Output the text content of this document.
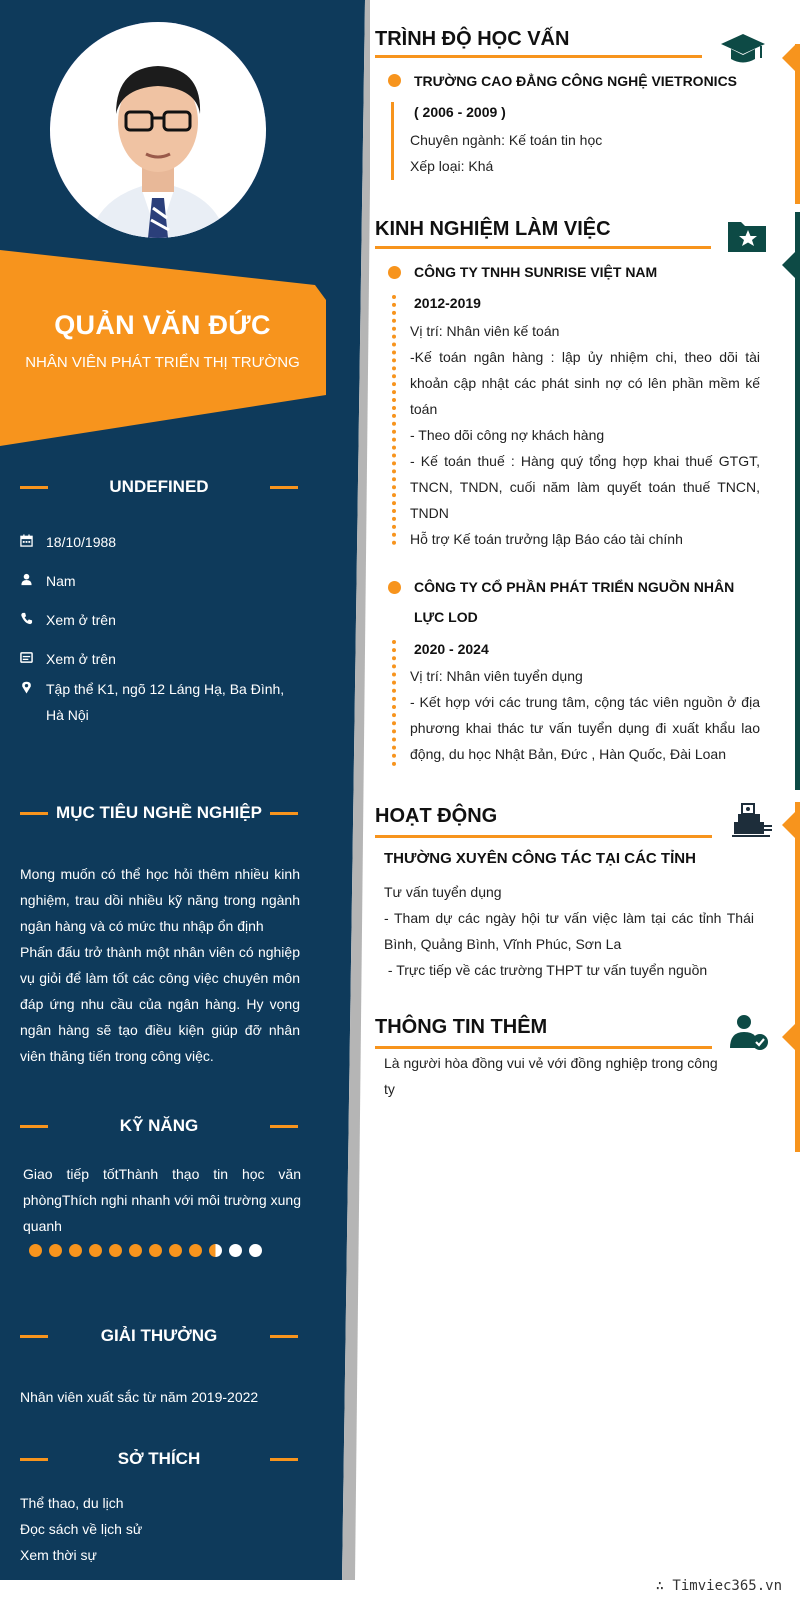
QUẢN VĂN ĐỨC
NHÂN VIÊN PHÁT TRIỂN THỊ TRƯỜNG
UNDEFINED
18/10/1988
Nam
Xem ở trên
Xem ở trên
Tập thể K1, ngõ 12 Láng Hạ, Ba Đình, Hà Nội
MỤC TIÊU NGHỀ NGHIỆP

Mong muốn có thể học hỏi thêm nhiều kinh nghiệm, trau dồi nhiều kỹ năng trong ngành ngân hàng và có mức thu nhập ổn định

Phấn đấu trở thành một nhân viên có nghiệp vụ giỏi để làm tốt các công việc chuyên môn đáp ứng nhu cầu của ngân hàng. Hy vọng ngân hàng sẽ tạo điều kiện giúp đỡ nhân viên thăng tiến trong công việc.

KỸ NĂNG
Giao tiếp tốtThành thạo tin học văn phòngThích nghi nhanh với môi trường xung quanh
GIẢI THƯỞNG
Nhân viên xuất sắc từ năm 2019-2022
SỞ THÍCH

Thể thao, du lịch

Đọc sách về lịch sử

Xem thời sự

TRÌNH ĐỘ HỌC VẤN
TRƯỜNG CAO ĐẲNG CÔNG NGHỆ VIETRONICS
( 2006 - 2009 )

Chuyên ngành: Kế toán tin học

Xếp loại: Khá

KINH NGHIỆM LÀM VIỆC
CÔNG TY TNHH SUNRISE VIỆT NAM
2012-2019

Vị trí: Nhân viên kế toán

-Kế toán ngân hàng : lập ủy nhiệm chi, theo dõi tài khoản cập nhật các phát sinh nợ có lên phần mềm kế toán

- Theo dõi công nợ khách hàng

- Kế toán thuế : Hàng quý tổng hợp khai thuế GTGT, TNCN, TNDN, cuối năm làm quyết toán thuế TNCN, TNDN

Hỗ trợ Kế toán trưởng lập Báo cáo tài chính

CÔNG TY CỔ PHẦN PHÁT TRIỂN NGUỒN NHÂN LỰC LOD
2020 - 2024

Vị trí: Nhân viên tuyển dụng

- Kết hợp với các trung tâm, cộng tác viên nguồn ở địa phương khai thác tư vấn tuyển dụng đi xuất khẩu lao động, du học Nhật Bản, Đức , Hàn Quốc, Đài Loan

HOẠT ĐỘNG
THƯỜNG XUYÊN CÔNG TÁC TẠI CÁC TỈNH

Tư vấn tuyển dụng

- Tham dự các ngày hội tư vấn việc làm tại các tỉnh Thái Bình, Quảng Bình, Vĩnh Phúc, Sơn La

- Trực tiếp về các trường THPT tư vấn tuyển nguồn

THÔNG TIN THÊM
Là người hòa đồng vui vẻ với đồng nghiệp trong công ty
∴ Timviec365.vn
